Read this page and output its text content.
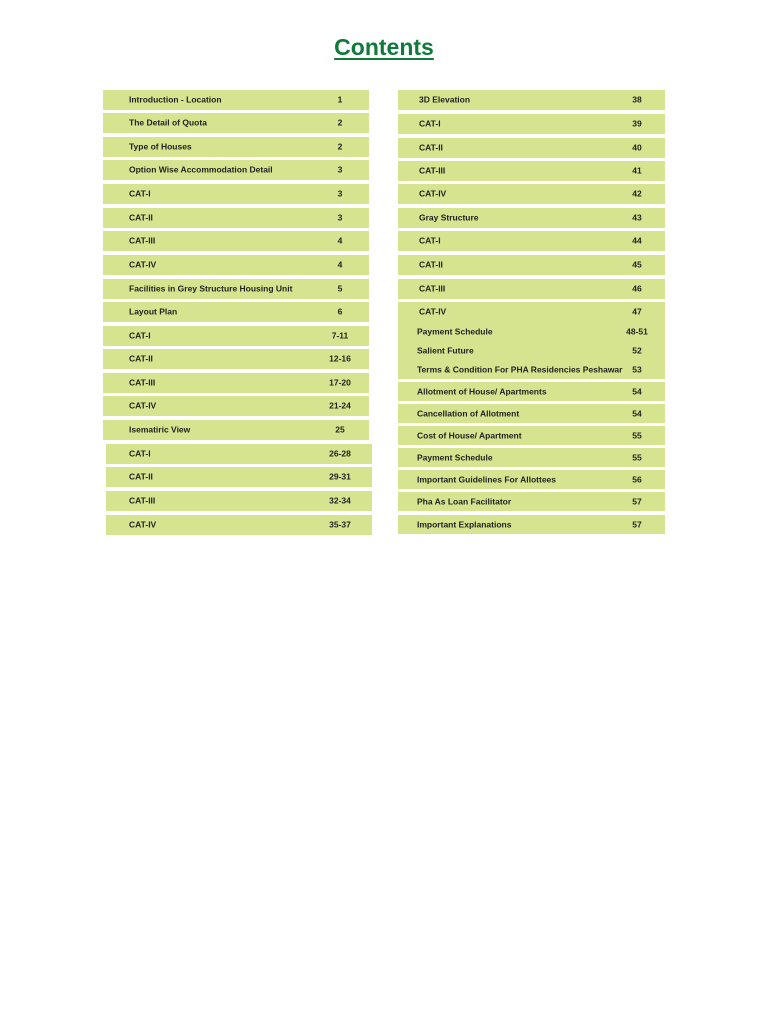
Contents
Introduction - Location	1
The Detail of Quota	2
Type of Houses	2
Option Wise Accommodation Detail	3
CAT-I	3
CAT-II	3
CAT-III	4
CAT-IV	4
Facilities in Grey Structure Housing Unit	5
Layout Plan	6
CAT-I	7-11
CAT-II	12-16
CAT-III	17-20
CAT-IV	21-24
Isematiric View	25
CAT-I	26-28
CAT-II	29-31
CAT-III	32-34
CAT-IV	35-37
3D Elevation	38
CAT-I	39
CAT-II	40
CAT-III	41
CAT-IV	42
Gray Structure	43
CAT-I	44
CAT-II	45
CAT-III	46
CAT-IV	47
Payment Schedule	48-51
Salient Future	52
Terms & Condition For PHA Residencies Peshawar 53
Allotment of House/ Apartments	54
Cancellation of Allotment	54
Cost of House/ Apartment	55
Payment Schedule	55
Important Guidelines For Allottees	56
Pha As Loan Facilitator	57
Important Explanations	57
